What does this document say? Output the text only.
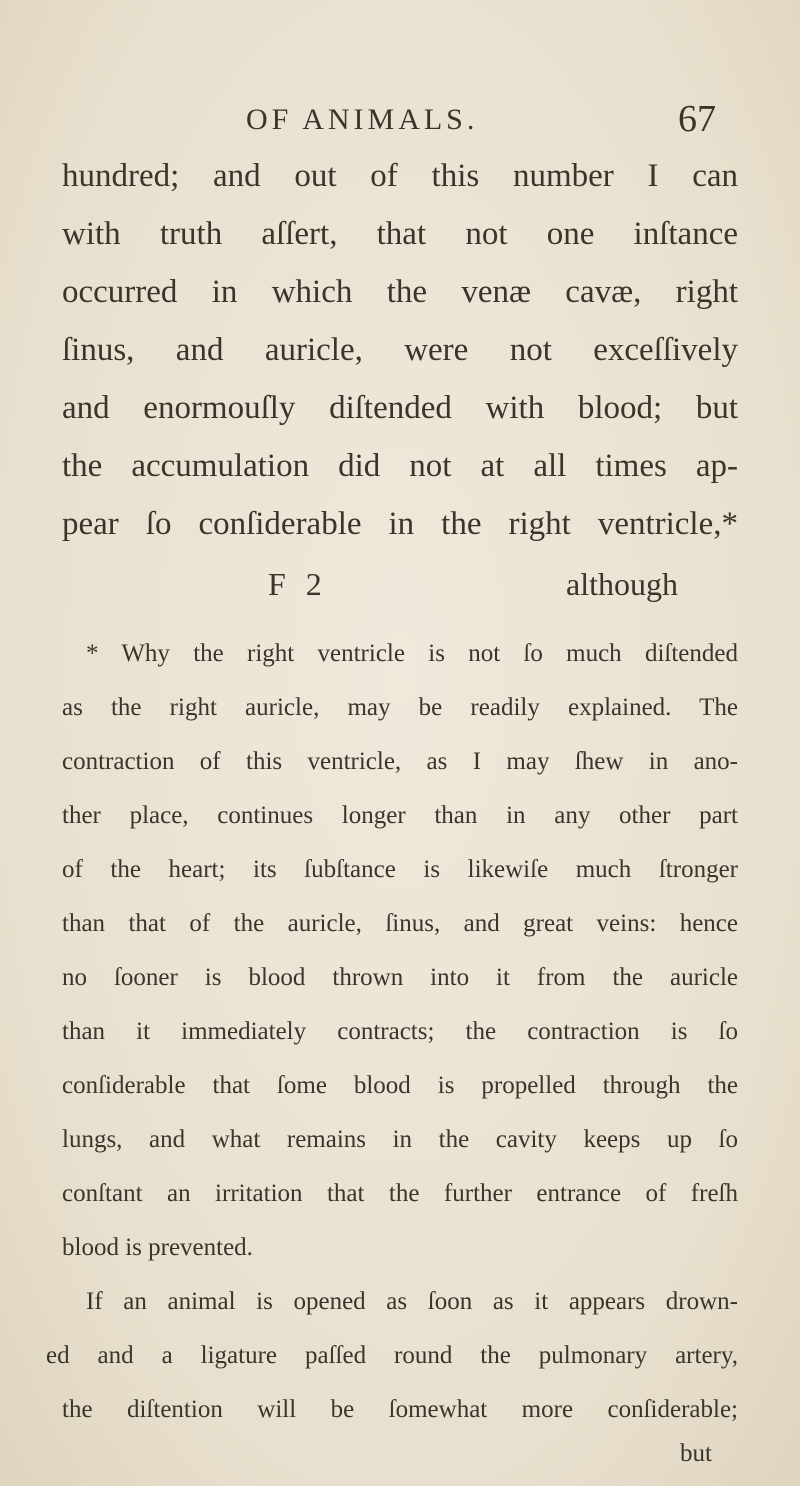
OF ANIMALS.	67
hundred; and out of this number I can
with truth aſſert, that not one inſtance
occurred in which the venæ cavæ, right
ſinus, and auricle, were not exceſſively
and enormouſly diſtended with blood; but
the accumulation did not at all times ap-
pear ſo conſiderable in the right ventricle,*
F 2	although
* Why the right ventricle is not ſo much diſtended
as the right auricle, may be readily explained. The
contraction of this ventricle, as I may ſhew in ano-
ther place, continues longer than in any other part
of the heart; its ſubſtance is likewiſe much ſtronger
than that of the auricle, ſinus, and great veins: hence
no ſooner is blood thrown into it from the auricle
than it immediately contracts; the contraction is ſo
conſiderable that ſome blood is propelled through the
lungs, and what remains in the cavity keeps up ſo
conſtant an irritation that the further entrance of freſh
blood is prevented.
If an animal is opened as ſoon as it appears drown-
ed and a ligature paſſed round the pulmonary artery,
the diſtention will be ſomewhat more conſiderable;
but
